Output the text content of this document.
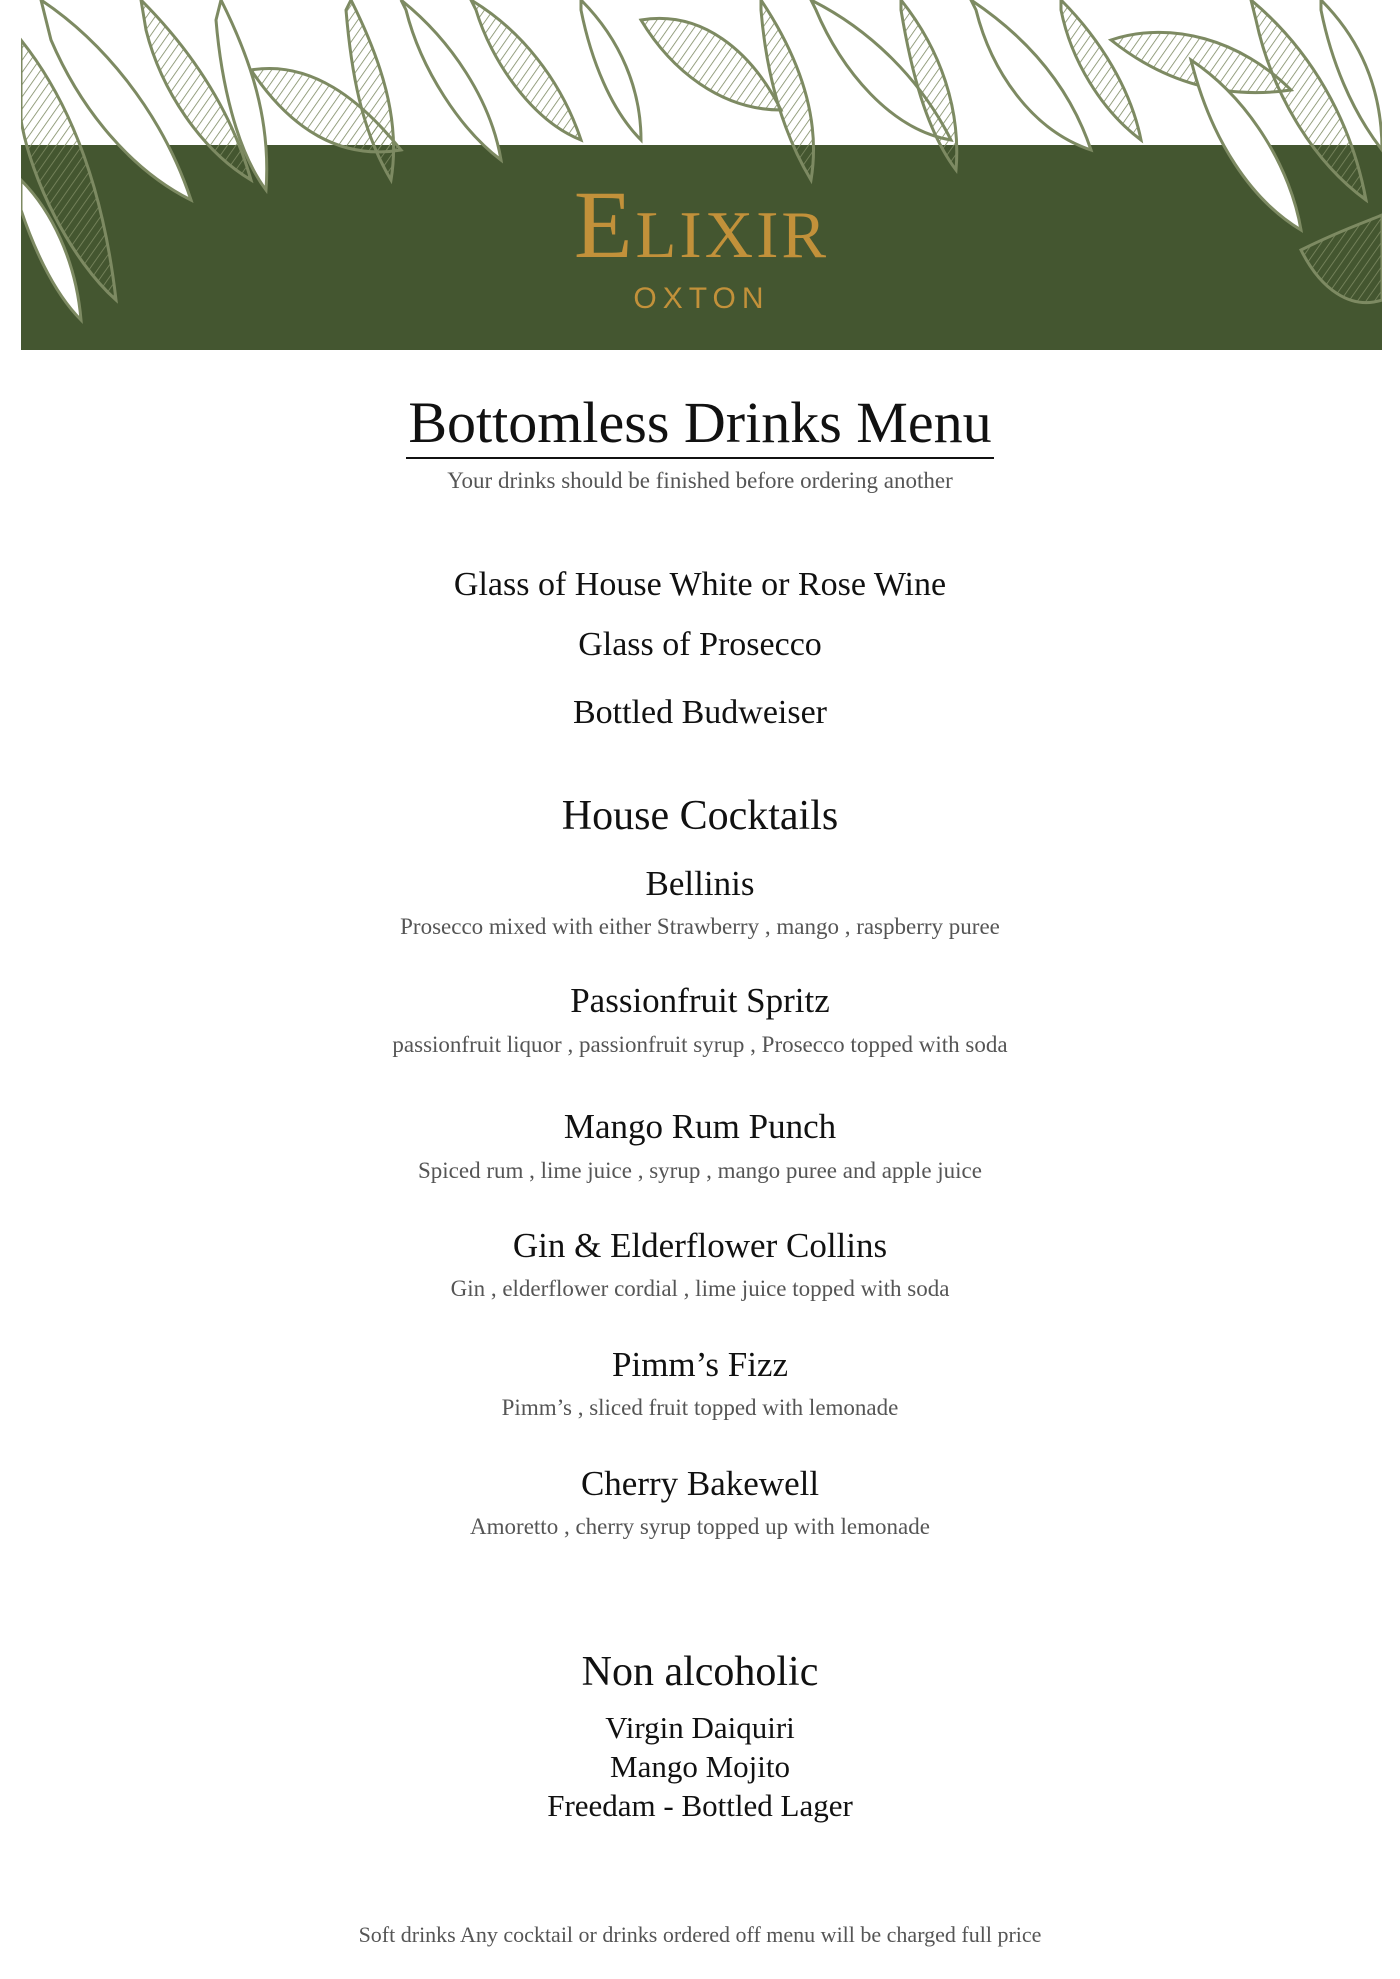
Elixir
OXTON
Bottomless Drinks Menu
Your drinks should be finished before ordering another
Glass of House White or Rose Wine
Glass of Prosecco
Bottled Budweiser
House Cocktails
Bellinis
Prosecco mixed with either Strawberry , mango , raspberry puree
Passionfruit Spritz
passionfruit liquor , passionfruit syrup , Prosecco topped with soda
Mango Rum Punch
Spiced rum , lime juice , syrup , mango puree and apple juice
Gin & Elderflower Collins
Gin , elderflower cordial , lime juice topped with soda
Pimm’s Fizz
Pimm’s , sliced fruit topped with lemonade
Cherry Bakewell
Amoretto , cherry syrup topped up with lemonade
Non alcoholic
Virgin Daiquiri
Mango Mojito
Freedam - Bottled Lager
Soft drinks Any cocktail or drinks ordered off menu will be charged full price
